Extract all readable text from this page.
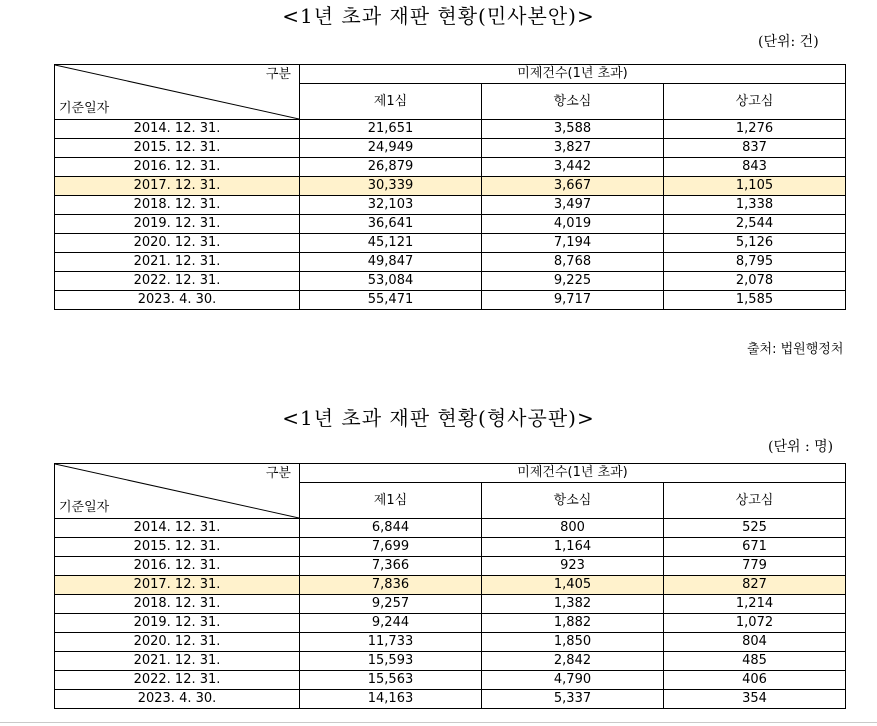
<1년 초과 재판 현황(민사본안)>
(단위: 건)
구분
기준일자	미제건수(1년 초과)		
	제1심	항소심	상고심
2014. 12. 31.	21,651	3,588	1,276
2015. 12. 31.	24,949	3,827	837
2016. 12. 31.	26,879	3,442	843
2017. 12. 31.	30,339	3,667	1,105
2018. 12. 31.	32,103	3,497	1,338
2019. 12. 31.	36,641	4,019	2,544
2020. 12. 31.	45,121	7,194	5,126
2021. 12. 31.	49,847	8,768	8,795
2022. 12. 31.	53,084	9,225	2,078
2023. 4. 30.	55,471	9,717	1,585
출처: 법원행정처
<1년 초과 재판 현황(형사공판)>
(단위 : 명)
구분
기준일자	미제건수(1년 초과)		
	제1심	항소심	상고심
2014. 12. 31.	6,844	800	525
2015. 12. 31.	7,699	1,164	671
2016. 12. 31.	7,366	923	779
2017. 12. 31.	7,836	1,405	827
2018. 12. 31.	9,257	1,382	1,214
2019. 12. 31.	9,244	1,882	1,072
2020. 12. 31.	11,733	1,850	804
2021. 12. 31.	15,593	2,842	485
2022. 12. 31.	15,563	4,790	406
2023. 4. 30.	14,163	5,337	354
